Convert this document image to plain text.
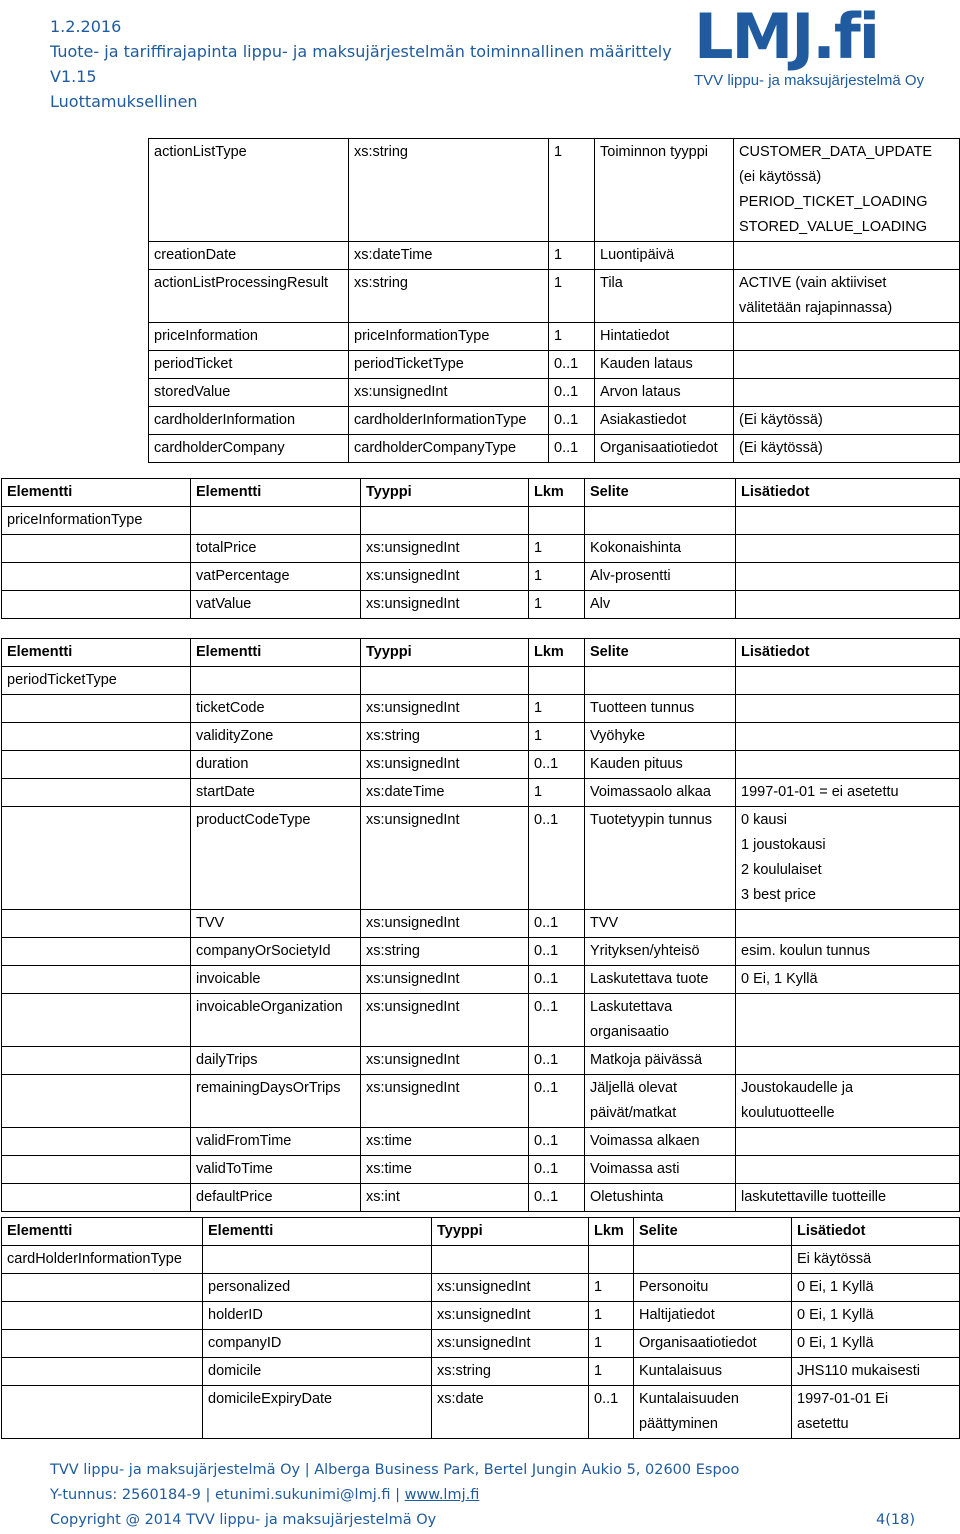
1.2.2016
Tuote- ja tariffirajapinta lippu- ja maksujärjestelmän toiminnallinen määrittely
V1.15
Luottamuksellinen
LMJ.fi
TVV lippu- ja maksujärjestelmä Oy
actionListType	xs:string	1	Toiminnon tyyppi	CUSTOMER_DATA_UPDATE
(ei käytössä)
PERIOD_TICKET_LOADING
STORED_VALUE_LOADING
creationDate	xs:dateTime	1	Luontipäivä	
actionListProcessingResult	xs:string	1	Tila	ACTIVE (vain aktiiviset
välitetään rajapinnassa)
priceInformation	priceInformationType	1	Hintatiedot	
periodTicket	periodTicketType	0..1	Kauden lataus	
storedValue	xs:unsignedInt	0..1	Arvon lataus	
cardholderInformation	cardholderInformationType	0..1	Asiakastiedot	(Ei käytössä)
cardholderCompany	cardholderCompanyType	0..1	Organisaatiotiedot	(Ei käytössä)
Elementti	Elementti	Tyyppi	Lkm	Selite	Lisätiedot
priceInformationType					
	totalPrice	xs:unsignedInt	1	Kokonaishinta	
	vatPercentage	xs:unsignedInt	1	Alv-prosentti	
	vatValue	xs:unsignedInt	1	Alv	
Elementti	Elementti	Tyyppi	Lkm	Selite	Lisätiedot
periodTicketType					
	ticketCode	xs:unsignedInt	1	Tuotteen tunnus	
	validityZone	xs:string	1	Vyöhyke	
	duration	xs:unsignedInt	0..1	Kauden pituus	
	startDate	xs:dateTime	1	Voimassaolo alkaa	1997-01-01 = ei asetettu
	productCodeType	xs:unsignedInt	0..1	Tuotetyypin tunnus	0 kausi
1 joustokausi
2 koululaiset
3 best price
	TVV	xs:unsignedInt	0..1	TVV	
	companyOrSocietyId	xs:string	0..1	Yrityksen/yhteisö	esim. koulun tunnus
	invoicable	xs:unsignedInt	0..1	Laskutettava tuote	0 Ei, 1 Kyllä
	invoicableOrganization	xs:unsignedInt	0..1	Laskutettava
organisaatio	
	dailyTrips	xs:unsignedInt	0..1	Matkoja päivässä	
	remainingDaysOrTrips	xs:unsignedInt	0..1	Jäljellä olevat
päivät/matkat	Joustokaudelle ja
koulutuotteelle
	validFromTime	xs:time	0..1	Voimassa alkaen	
	validToTime	xs:time	0..1	Voimassa asti	
	defaultPrice	xs:int	0..1	Oletushinta	laskutettaville tuotteille
Elementti	Elementti	Tyyppi	Lkm	Selite	Lisätiedot
cardHolderInformationType					Ei käytössä
	personalized	xs:unsignedInt	1	Personoitu	0 Ei, 1 Kyllä
	holderID	xs:unsignedInt	1	Haltijatiedot	0 Ei, 1 Kyllä
	companyID	xs:unsignedInt	1	Organisaatiotiedot	0 Ei, 1 Kyllä
	domicile	xs:string	1	Kuntalaisuus	JHS110 mukaisesti
	domicileExpiryDate	xs:date	0..1	Kuntalaisuuden
päättyminen	1997-01-01 Ei
asetettu
TVV lippu- ja maksujärjestelmä Oy | Alberga Business Park, Bertel Jungin Aukio 5, 02600 Espoo
Y-tunnus: 2560184-9 | etunimi.sukunimi@lmj.fi | www.lmj.fi
Copyright @ 2014 TVV lippu- ja maksujärjestelmä Oy	4(18)
